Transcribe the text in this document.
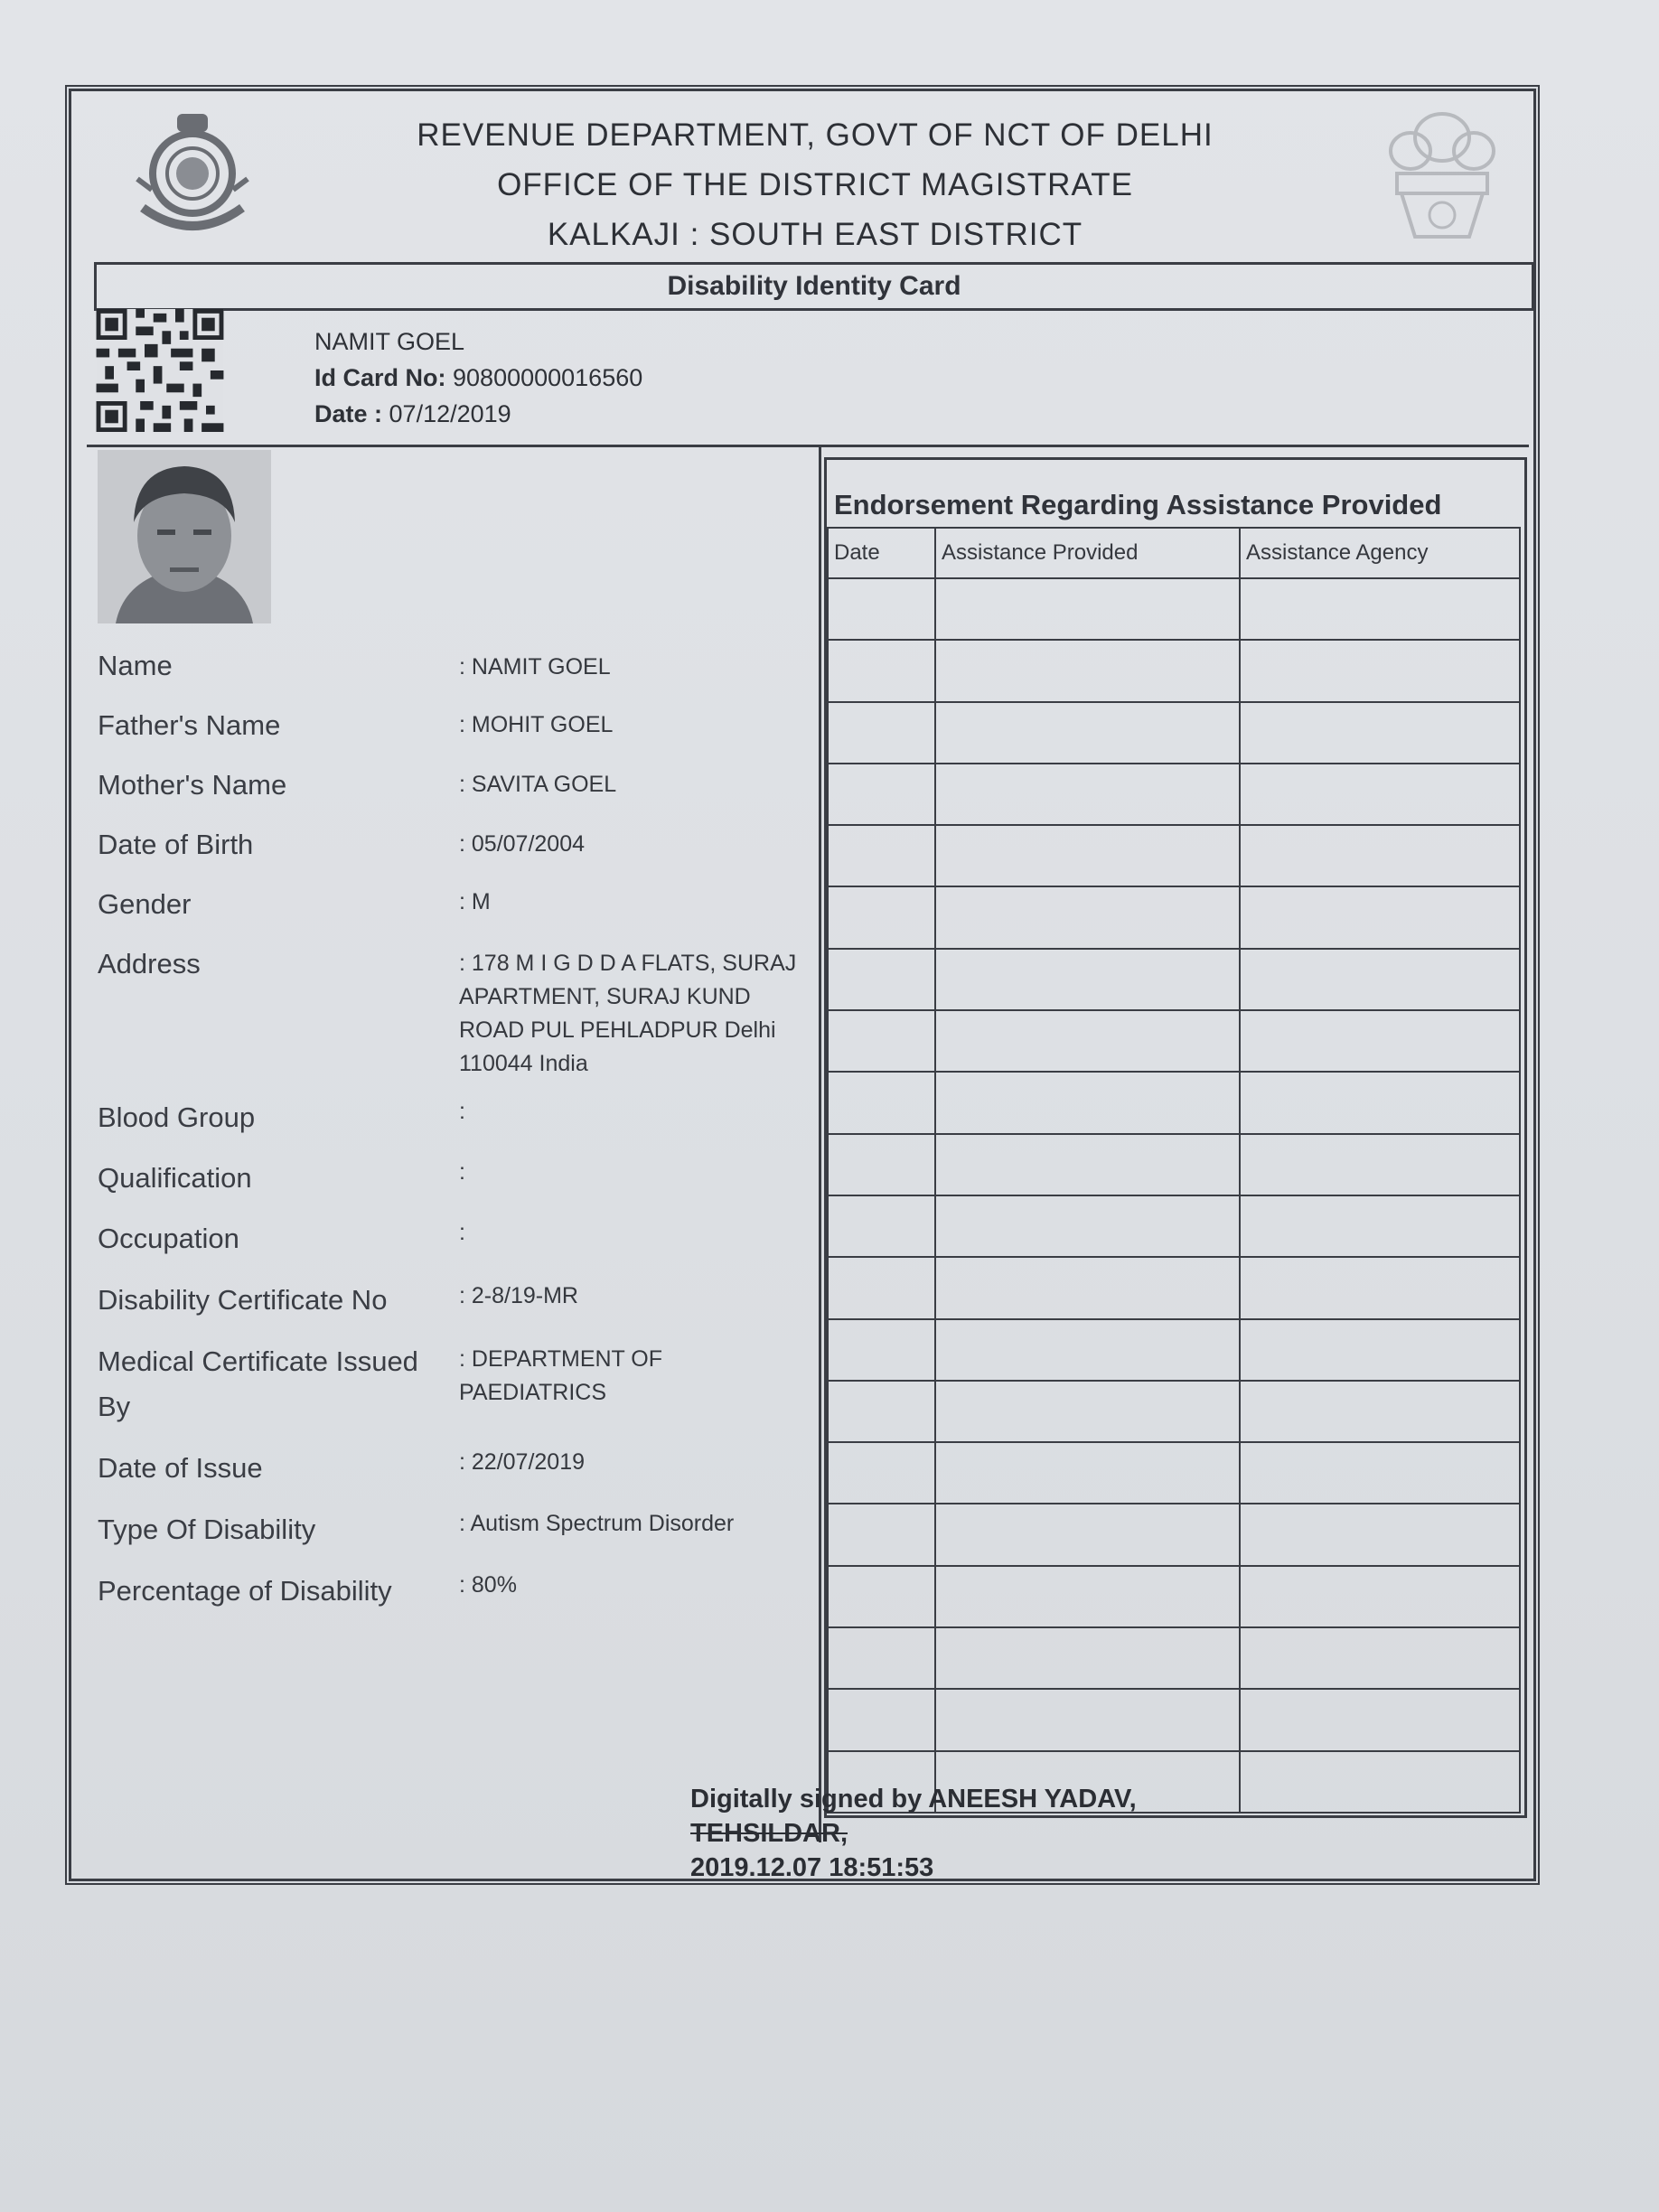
REVENUE DEPARTMENT, GOVT OF NCT OF DELHI
OFFICE OF THE DISTRICT MAGISTRATE
KALKAJI : SOUTH EAST DISTRICT
Disability Identity Card
NAMIT GOEL
Id Card No: 90800000016560
Date : 07/12/2019
Name	: NAMIT GOEL
Father's Name	: MOHIT GOEL
Mother's Name	: SAVITA GOEL
Date of Birth	: 05/07/2004
Gender	: M
Address	: 178 M I G D D A FLATS, SURAJ APARTMENT, SURAJ KUND ROAD PUL PEHLADPUR Delhi 110044 India
Blood Group	:
Qualification	:
Occupation	:
Disability Certificate No	: 2-8/19-MR
Medical Certificate Issued By
: DEPARTMENT OF PAEDIATRICS
Date of Issue	: 22/07/2019
Type Of Disability	: Autism Spectrum Disorder
Percentage of Disability	: 80%
Endorsement Regarding Assistance Provided
Date	Assistance Provided	Assistance Agency

Digitally signed by ANEESH YADAV,
TEHSILDAR,
2019.12.07 18:51:53
